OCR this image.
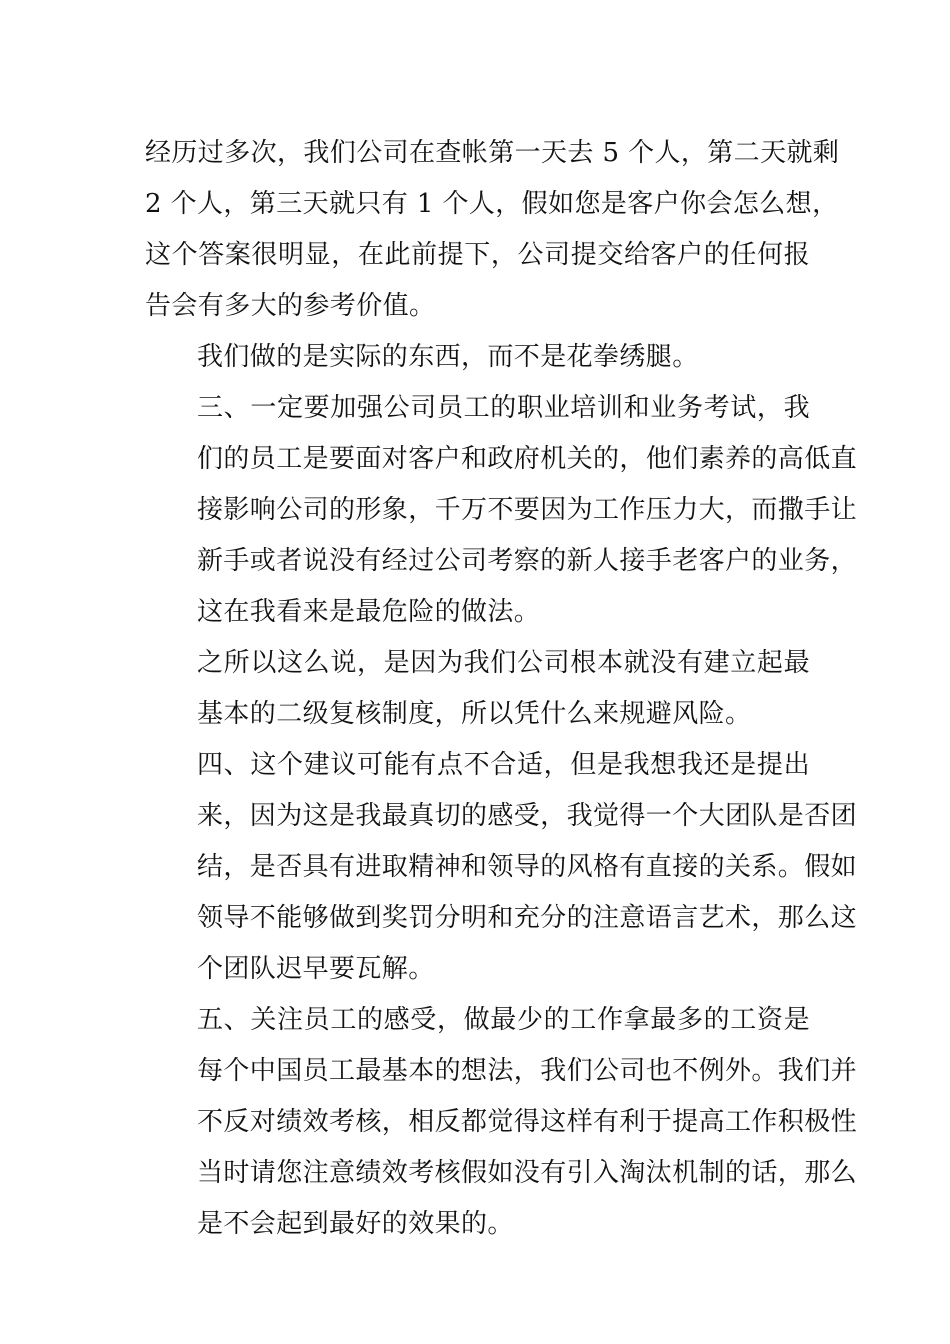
经历过多次，我们公司在查帐第一天去 5 个人，第二天就剩
2 个人，第三天就只有 1 个人，假如您是客户你会怎么想，
这个答案很明显，在此前提下，公司提交给客户的任何报
告会有多大的参考价值。

我们做的是实际的东西，而不是花拳绣腿。

三、一定要加强公司员工的职业培训和业务考试，我
们的员工是要面对客户和政府机关的，他们素养的高低直
接影响公司的形象，千万不要因为工作压力大，而撒手让
新手或者说没有经过公司考察的新人接手老客户的业务，
这在我看来是最危险的做法。

之所以这么说，是因为我们公司根本就没有建立起最
基本的二级复核制度，所以凭什么来规避风险。

四、这个建议可能有点不合适，但是我想我还是提出
来，因为这是我最真切的感受，我觉得一个大团队是否团
结，是否具有进取精神和领导的风格有直接的关系。假如
领导不能够做到奖罚分明和充分的注意语言艺术，那么这
个团队迟早要瓦解。

五、关注员工的感受，做最少的工作拿最多的工资是
每个中国员工最基本的想法，我们公司也不例外。我们并
不反对绩效考核，相反都觉得这样有利于提高工作积极性
当时请您注意绩效考核假如没有引入淘汰机制的话，那么
是不会起到最好的效果的。
